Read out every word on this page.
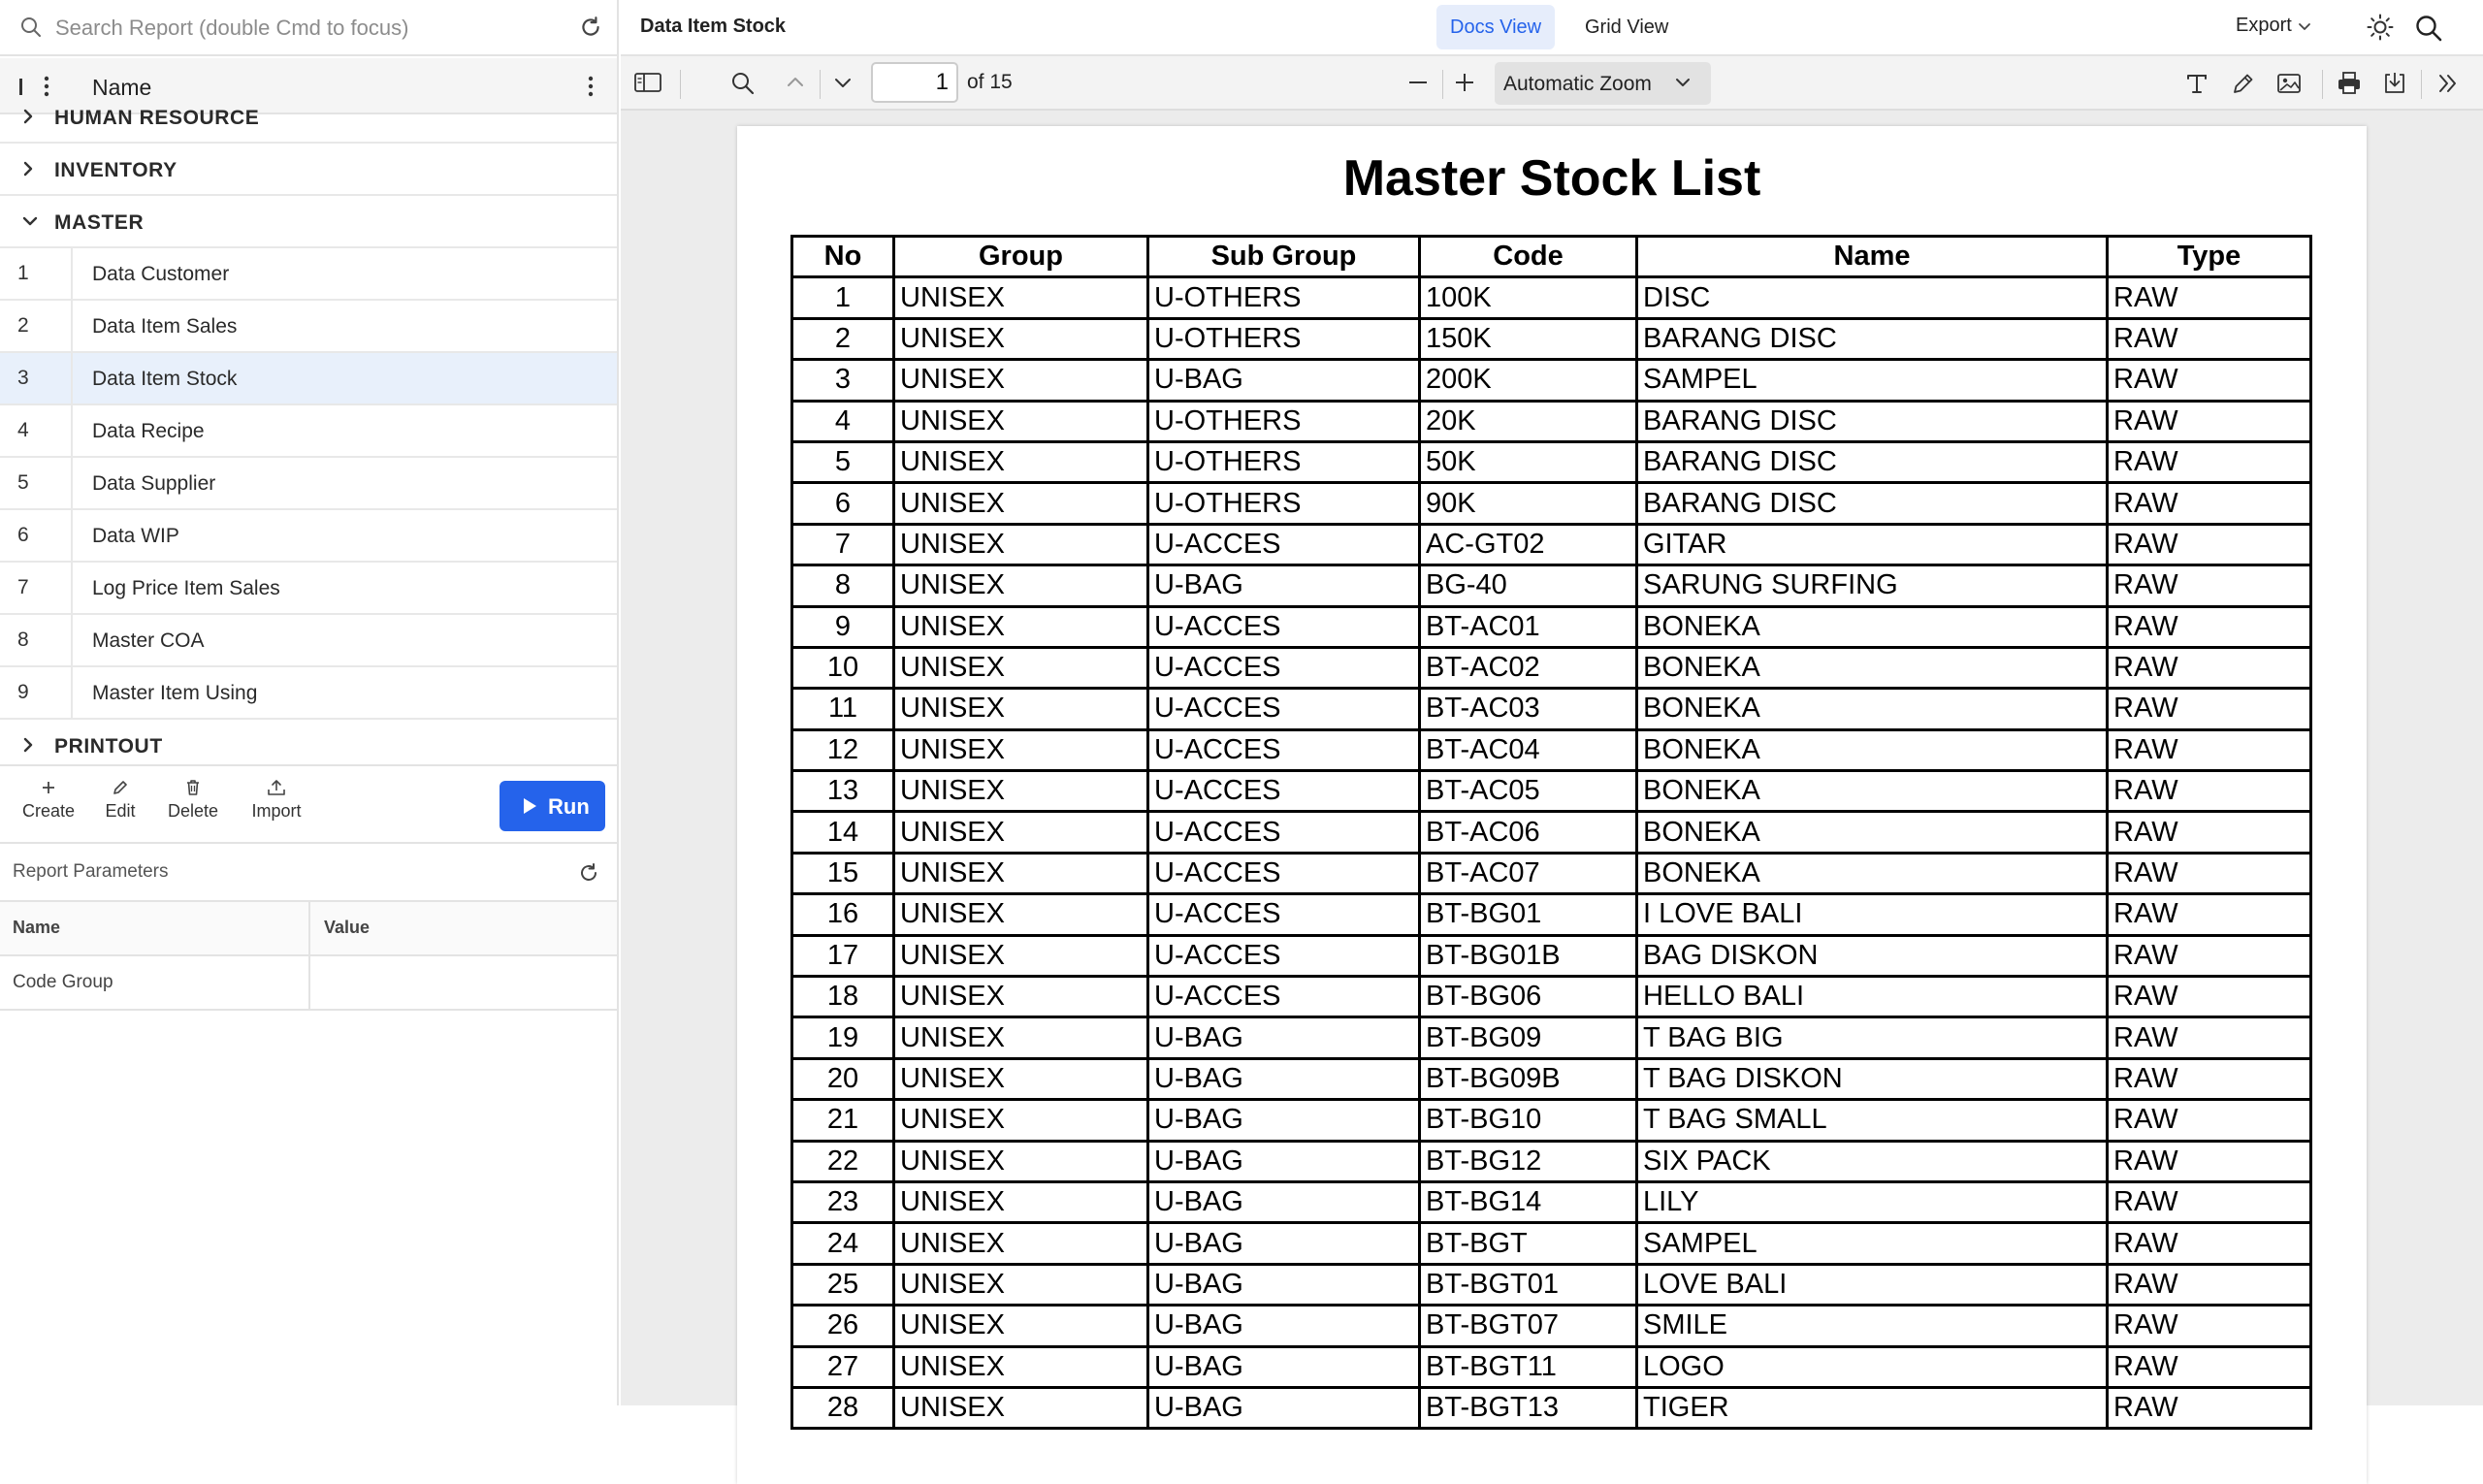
Search Report (double Cmd to focus)
Name
HUMAN RESOURCE
INVENTORY
MASTER
1	Data Customer
2	Data Item Sales
3	Data Item Stock
4	Data Recipe
5	Data Supplier
6	Data WIP
7	Log Price Item Sales
8	Master COA
9	Master Item Using
PRINTOUT
Create Edit Delete	Import	Run
Report Parameters
Name	Value
Code Group
Data Item Stock	Docs View	Grid View	Export
1
of 15	Automatic Zoom
Master Stock List
No	Group	Sub Group	Code	Name	Type
1	UNISEX	U-OTHERS	100K	DISC	RAW
2	UNISEX	U-OTHERS	150K	BARANG DISC	RAW
3	UNISEX	U-BAG	200K	SAMPEL	RAW
4	UNISEX	U-OTHERS	20K	BARANG DISC	RAW
5	UNISEX	U-OTHERS	50K	BARANG DISC	RAW
6	UNISEX	U-OTHERS	90K	BARANG DISC	RAW
7	UNISEX	U-ACCES	AC-GT02	GITAR	RAW
8	UNISEX	U-BAG	BG-40	SARUNG SURFING	RAW
9	UNISEX	U-ACCES	BT-AC01	BONEKA	RAW
10	UNISEX	U-ACCES	BT-AC02	BONEKA	RAW
11	UNISEX	U-ACCES	BT-AC03	BONEKA	RAW
12	UNISEX	U-ACCES	BT-AC04	BONEKA	RAW
13	UNISEX	U-ACCES	BT-AC05	BONEKA	RAW
14	UNISEX	U-ACCES	BT-AC06	BONEKA	RAW
15	UNISEX	U-ACCES	BT-AC07	BONEKA	RAW
16	UNISEX	U-ACCES	BT-BG01	I LOVE BALI	RAW
17	UNISEX	U-ACCES	BT-BG01B	BAG DISKON	RAW
18	UNISEX	U-ACCES	BT-BG06	HELLO BALI	RAW
19	UNISEX	U-BAG	BT-BG09	T BAG BIG	RAW
20	UNISEX	U-BAG	BT-BG09B	T BAG DISKON	RAW
21	UNISEX	U-BAG	BT-BG10	T BAG SMALL	RAW
22	UNISEX	U-BAG	BT-BG12	SIX PACK	RAW
23	UNISEX	U-BAG	BT-BG14	LILY	RAW
24	UNISEX	U-BAG	BT-BGT	SAMPEL	RAW
25	UNISEX	U-BAG	BT-BGT01	LOVE BALI	RAW
26	UNISEX	U-BAG	BT-BGT07	SMILE	RAW
27	UNISEX	U-BAG	BT-BGT11	LOGO	RAW
28	UNISEX	U-BAG	BT-BGT13	TIGER	RAW
